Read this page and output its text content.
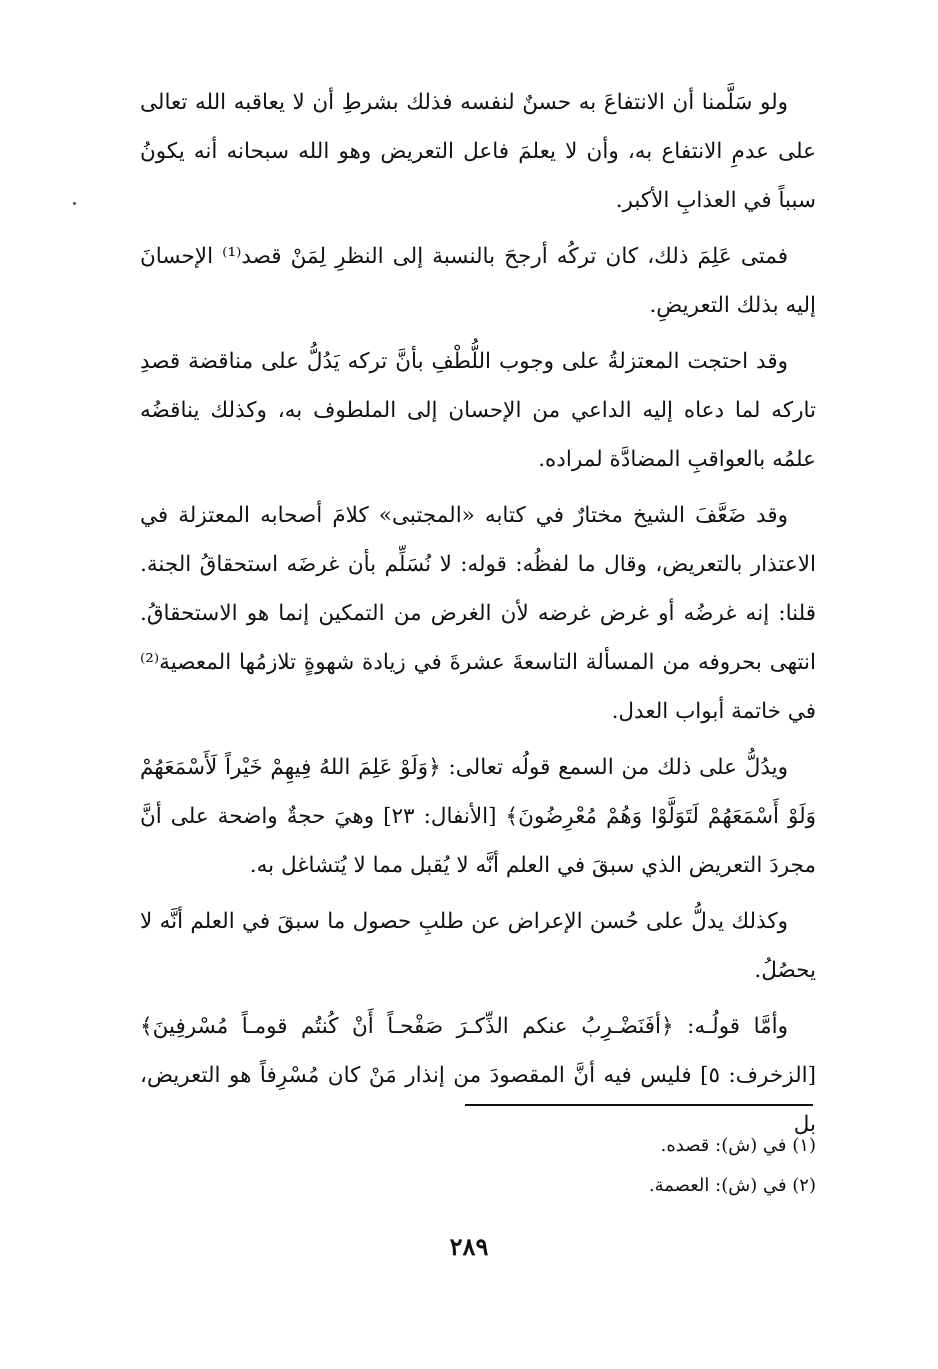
ولو سَلَّمنا أن الانتفاعَ به حسنٌ لنفسه فذلك بشرطِ أن لا يعاقبه الله تعالى على عدمِ الانتفاع به، وأن لا يعلمَ فاعل التعريض وهو الله سبحانه أنه يكونُ سبباً في العذابِ الأكبر.

فمتى عَلِمَ ذلك، كان تركُه أرجحَ بالنسبة إلى النظرِ لِمَنْ قصد⁽¹⁾ الإحسانَ إليه بذلك التعريضِ.

وقد احتجت المعتزلةُ على وجوب اللُّطْفِ بأنَّ تركه يَدُلُّ على مناقضة قصدِ تاركه لما دعاه إليه الداعي من الإحسان إلى الملطوف به، وكذلك يناقضُه علمُه بالعواقبِ المضادَّة لمراده.

وقد ضَعَّفَ الشيخ مختارٌ في كتابه «المجتبى» كلامَ أصحابه المعتزلة في الاعتذار بالتعريض، وقال ما لفظُه: قوله: لا نُسَلِّم بأن غرضَه استحقاقُ الجنة. قلنا: إنه غرضُه أو غرض غرضه لأن الغرض من التمكين إنما هو الاستحقاقُ. انتهى بحروفه من المسألة التاسعةَ عشرةَ في زيادة شهوةٍ تلازمُها المعصية⁽²⁾ في خاتمة أبواب العدل.

ويدُلُّ على ذلك من السمع قولُه تعالى: ﴿وَلَوْ عَلِمَ اللهُ فِيهِمْ خَيْراً لَأَسْمَعَهُمْ وَلَوْ أَسْمَعَهُمْ لَتَوَلَّوْا وَهُمْ مُعْرِضُونَ﴾ [الأنفال: ٢٣] وهيَ حجةٌ واضحة على أنَّ مجردَ التعريض الذي سبقَ في العلم أنَّه لا يُقبل مما لا يُتشاغل به.

وكذلك يدلُّ على حُسن الإعراض عن طلبِ حصول ما سبقَ في العلم أنَّه لا يحصُلُ.

وأمَّا قولُـه: ﴿أفَنَضْـرِبُ عنكم الذِّكـرَ صَفْحـاً أَنْ كُنتُم قومـاً مُسْرفِينَ﴾ [الزخرف: ٥] فليس فيه أنَّ المقصودَ من إنذار مَنْ كان مُسْرِفاً هو التعريض، بل

(١) في (ش): قصده.

(٢) في (ش): العصمة.

٢٨٩
